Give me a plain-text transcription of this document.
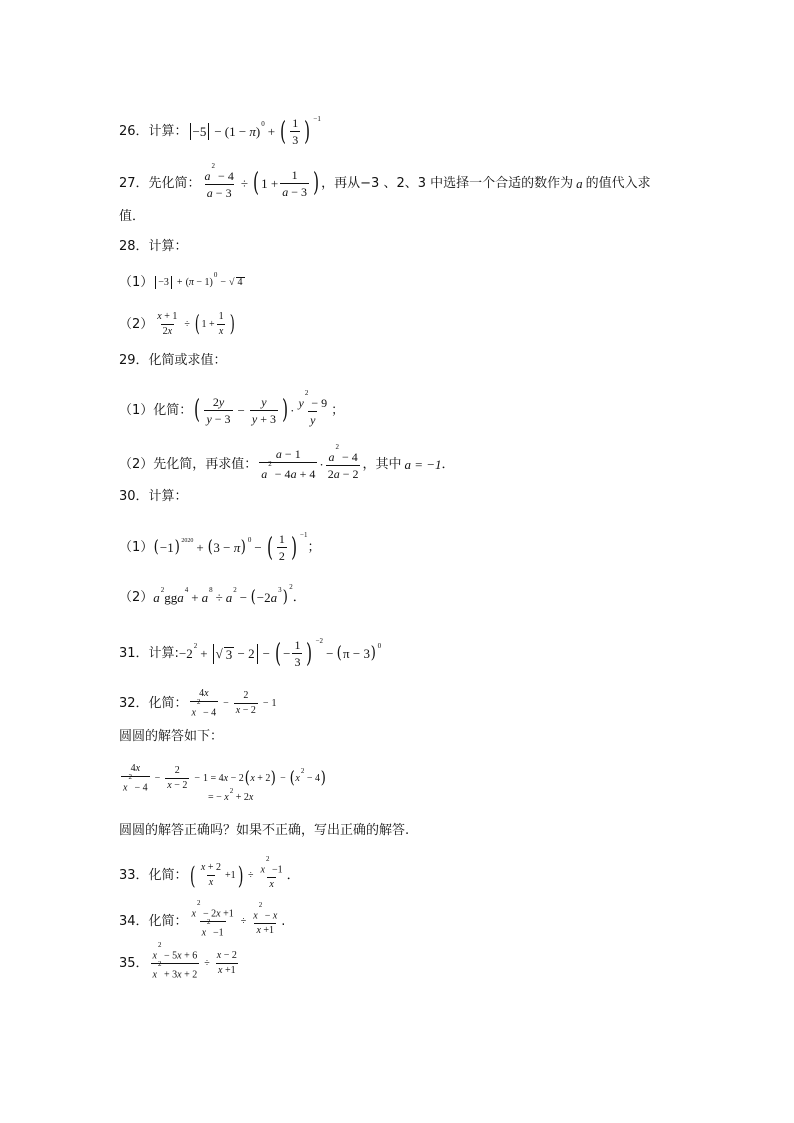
26．计算： −5 − (1 − π )$^0$ + ( $\frac{1}{3}$ ) $^{-1}$
27．先化简： $\frac{a^2 - 4}{a - 3}$ ÷ ( $1 + \frac{1}{a - 3}$ ) ，再从−3 、2、3 中选择一个合适的数作为 a 的值代入求
值．
28．计算：
（1） −3 + ( π − 1)
$^0$
− √ 4
$(2) \frac{x + 1}{2x}$ ÷ ( $1 + \frac{1}{x}$ )
29．化简或求值：
（1）化简： ( $\frac{2y}{y - 3} - \frac{y}{y + 3}$ ) · $\frac{y^2 - 9}{y}$ ；
（2）先化简，再求值： $\frac{a - 1}{a^2 - 4a + 4} \cdot \frac{a^2 - 4}{2a - 2}$ ，其中 a = −1 ．
30．计算：
（1） ( −1 ) $^{2020}$ + ( 3 − π )$^0$ − ( $\frac{1}{2}$ ) $^{-1}$
；
（2） $a^2$ gg $a^4 + a^8 \div a^2$ − ( −2 $a^3$ )$^2$
．
31．计算: $-2^2$ + √ 3 − 2 − ( − $\frac{1}{3}$ ) $^{-2}$
− ( π − 3 )$^0$
32．化简： $\frac{4x}{x^2 - 4} - \frac{2}{x - 2} - 1$
圆圆的解答如下：
$\frac{4x}{x^2 - 4} - \frac{2}{x - 2} - 1 = 4x - 2$ ( x + 2 ) − ( x
$^2$
− 4 )
= − x
$^2$
+ 2 x
圆圆的解答正确吗？如果不正确，写出正确的解答.
33．化简： ( $\frac{x + 2}{x} +1$ ) ÷ $\frac{x^2 -1}{x}$ ．
34．化简： $\frac{x^2 - 2x +1}{x^2 -1} \div \frac{x^2 - x}{x +1}$ .
35． $\frac{x^2 - 5x + 6}{x^2 + 3x + 2} \div \frac{x - 2}{x +1}$
